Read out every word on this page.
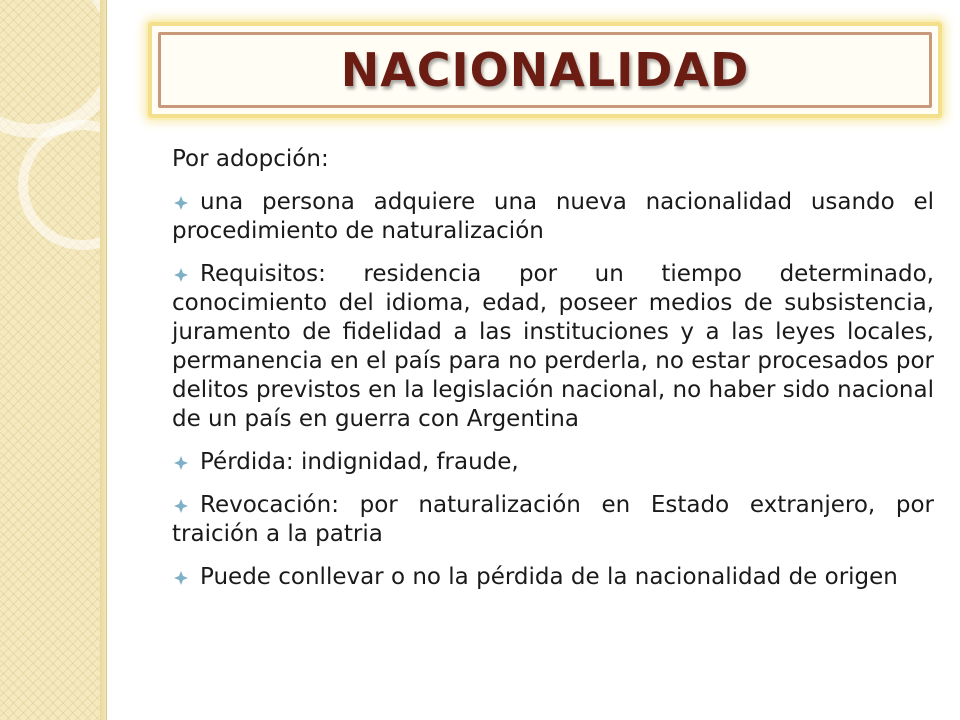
NACIONALIDAD

Por adopción:

una persona adquiere una nueva nacionalidad usando el procedimiento de naturalización
Requisitos: residencia por un tiempo determinado, conocimiento del idioma, edad, poseer medios de subsistencia, juramento de fidelidad a las instituciones y a las leyes locales, permanencia en el país para no perderla, no estar procesados por delitos previstos en la legislación nacional, no haber sido nacional de un país en guerra con Argentina
Pérdida: indignidad, fraude,
Revocación: por naturalización en Estado extranjero, por traición a la patria
Puede conllevar o no la pérdida de la nacionalidad de origen
